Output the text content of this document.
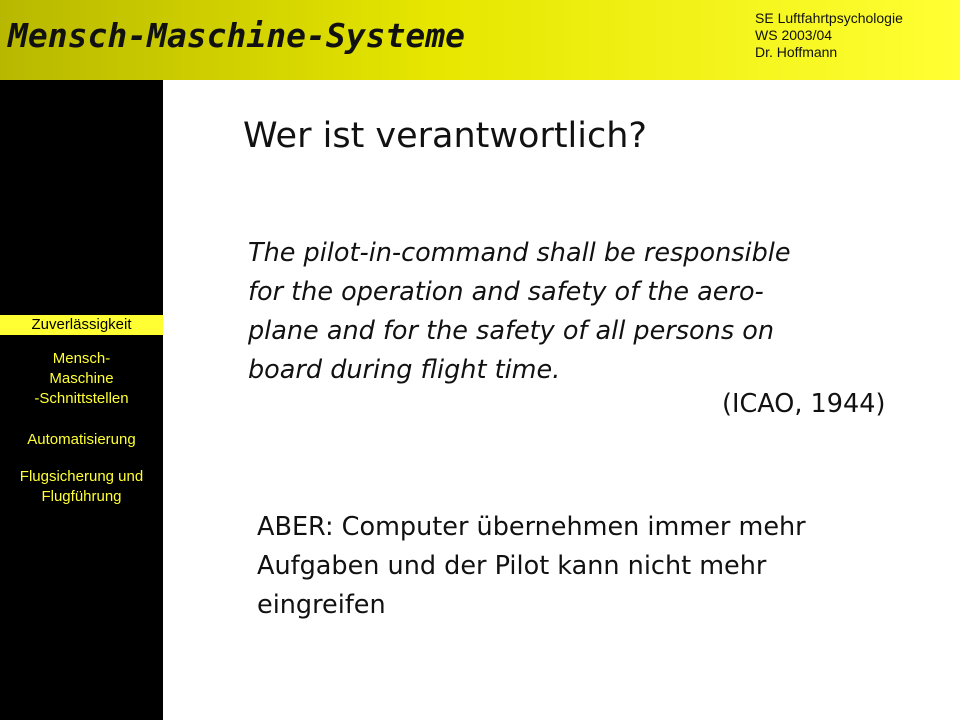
Mensch-Maschine-Systeme	SE Luftfahrtpsychologie
WS 2003/04
Dr. Hoffmann
Zuverlässigkeit
Mensch-
Maschine
-Schnittstellen
Automatisierung
Flugsicherung und
Flugführung
Wer ist verantwortlich?
The pilot-in-command shall be responsible
for the operation and safety of the aero-
plane and for the safety of all persons on
board during flight time.
(ICAO, 1944)
ABER: Computer übernehmen immer mehr
Aufgaben und der Pilot kann nicht mehr
eingreifen
